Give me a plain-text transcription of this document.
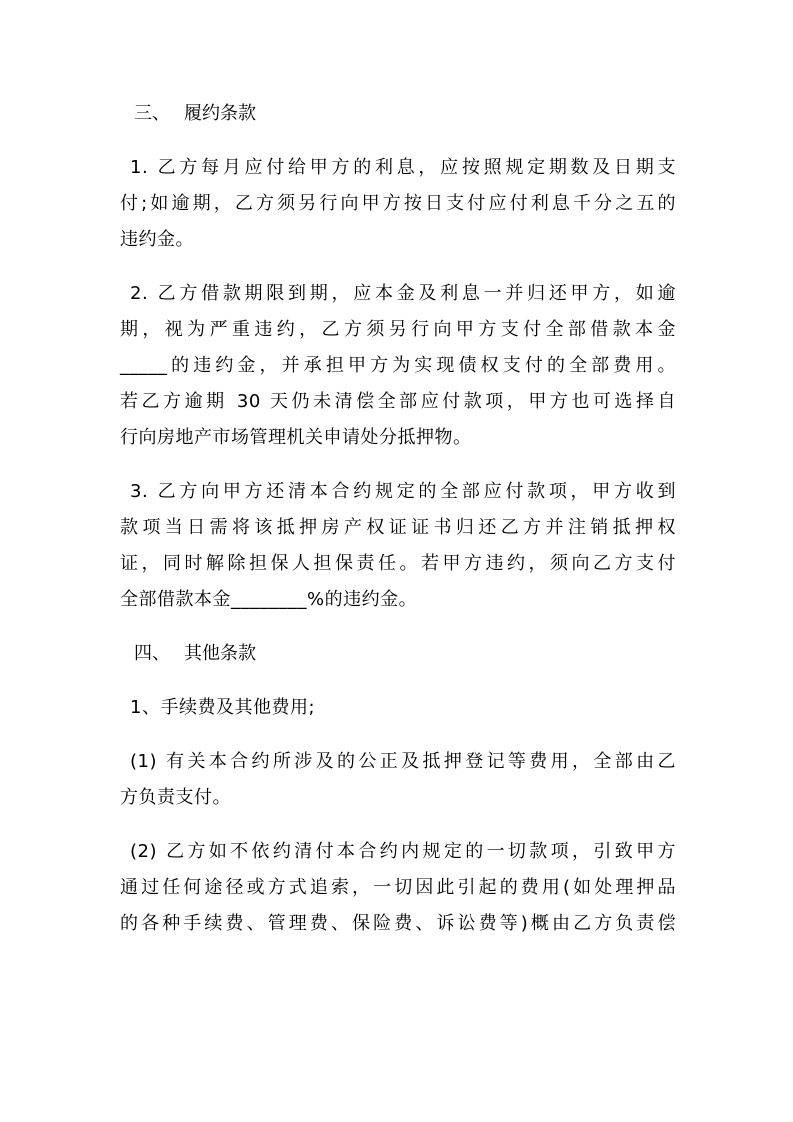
三、 履约条款
1. 乙方每月应付给甲方的利息，应按照规定期数及日期支
付;如逾期，乙方须另行向甲方按日支付应付利息千分之五的
违约金。
2. 乙方借款期限到期，应本金及利息一并归还甲方，如逾
期，视为严重违约，乙方须另行向甲方支付全部借款本金
_____的违约金，并承担甲方为实现债权支付的全部费用。
若乙方逾期 30 天仍未清偿全部应付款项，甲方也可选择自
行向房地产市场管理机关申请处分抵押物。
3. 乙方向甲方还清本合约规定的全部应付款项，甲方收到
款项当日需将该抵押房产权证证书归还乙方并注销抵押权
证，同时解除担保人担保责任。若甲方违约，须向乙方支付
全部借款本金________%的违约金。
四、 其他条款
1、手续费及其他费用;
(1) 有关本合约所涉及的公正及抵押登记等费用，全部由乙
方负责支付。
(2) 乙方如不依约清付本合约内规定的一切款项，引致甲方
通过任何途径或方式追索，一切因此引起的费用(如处理押品
的各种手续费、管理费、保险费、诉讼费等)概由乙方负责偿
